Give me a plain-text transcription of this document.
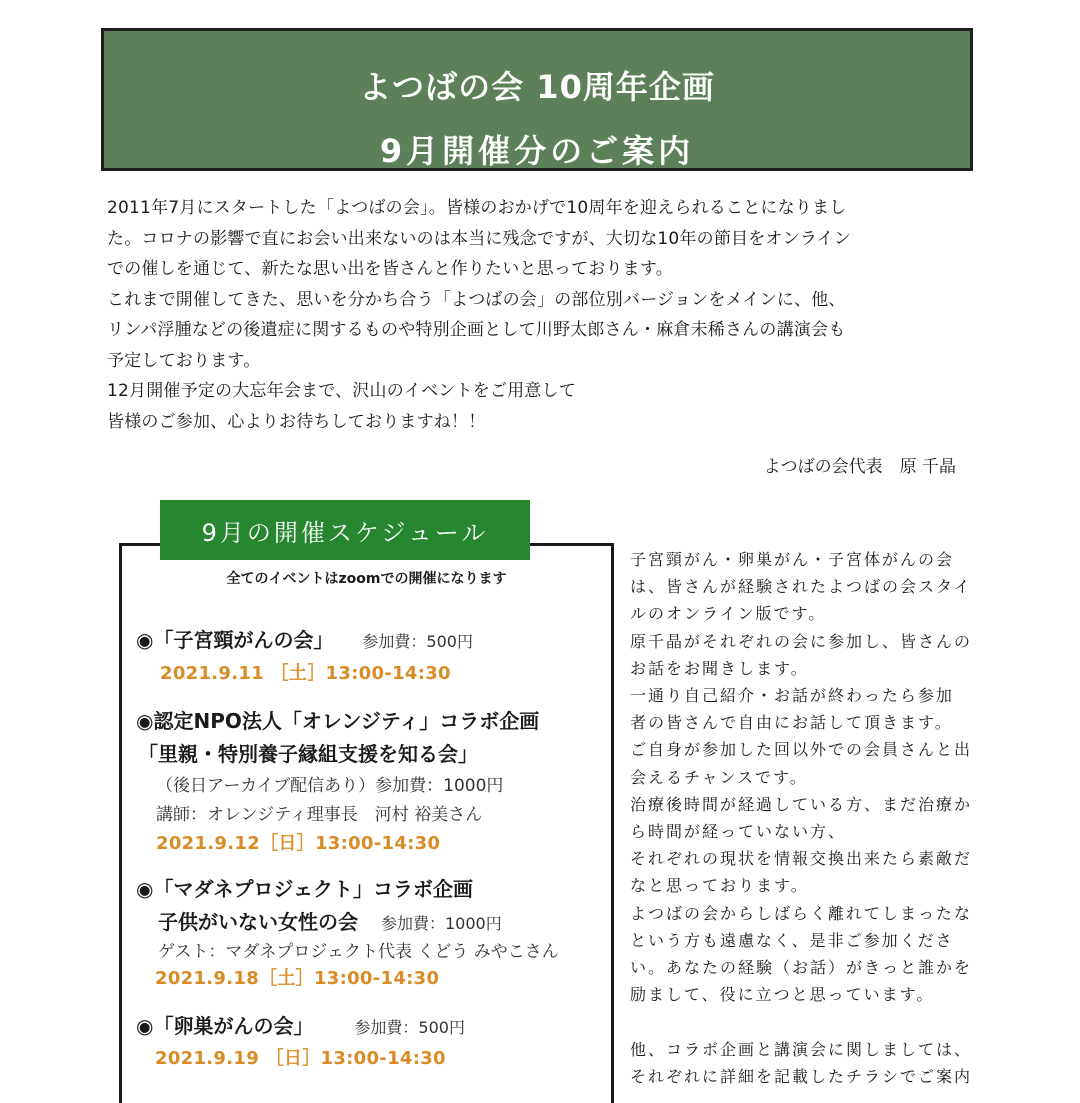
よつばの会 10周年企画
9月開催分のご案内

2011年7月にスタートした「よつばの会」。皆様のおかげで10周年を迎えられることになりまし

た。コロナの影響で直にお会い出来ないのは本当に残念ですが、大切な10年の節目をオンライン

での催しを通じて、新たな思い出を皆さんと作りたいと思っております。

これまで開催してきた、思いを分かち合う「よつばの会」の部位別バージョンをメインに、他、

リンパ浮腫などの後遺症に関するものや特別企画として川野太郎さん・麻倉未稀さんの講演会も

予定しております。

12月開催予定の大忘年会まで、沢山のイベントをご用意して

皆様のご参加、心よりお待ちしておりますね！！

よつばの会代表　原 千晶
9月の開催スケジュール
全てのイベントはzoomでの開催になります
◉「子宮頸がんの会」 参加費：500円
2021.9.11 ［土］13:00-14:30
◉認定NPO法人「オレンジティ」コラボ企画
「里親・特別養子縁組支援を知る会」
（後日アーカイブ配信あり）参加費：1000円
講師：オレンジティ理事長　河村 裕美さん
2021.9.12［日］13:00-14:30
◉「マダネプロジェクト」コラボ企画
子供がいない女性の会 参加費：1000円
ゲスト：マダネプロジェクト代表 くどう みやこさん
2021.9.18［土］13:00-14:30
◉「卵巣がんの会」	参加費：500円
2021.9.19 ［日］13:00-14:30

子宮頸がん・卵巣がん・子宮体がんの会

は、皆さんが経験されたよつばの会スタイ

ルのオンライン版です。

原千晶がそれぞれの会に参加し、皆さんの

お話をお聞きします。

一通り自己紹介・お話が終わったら参加

者の皆さんで自由にお話して頂きます。

ご自身が参加した回以外での会員さんと出

会えるチャンスです。

治療後時間が経過している方、まだ治療か

ら時間が経っていない方、

それぞれの現状を情報交換出来たら素敵だ

なと思っております。

よつばの会からしばらく離れてしまったな

という方も遠慮なく、是非ご参加くださ

い。あなたの経験（お話）がきっと誰かを

励まして、役に立つと思っています。

他、コラボ企画と講演会に関しましては、

それぞれに詳細を記載したチラシでご案内
